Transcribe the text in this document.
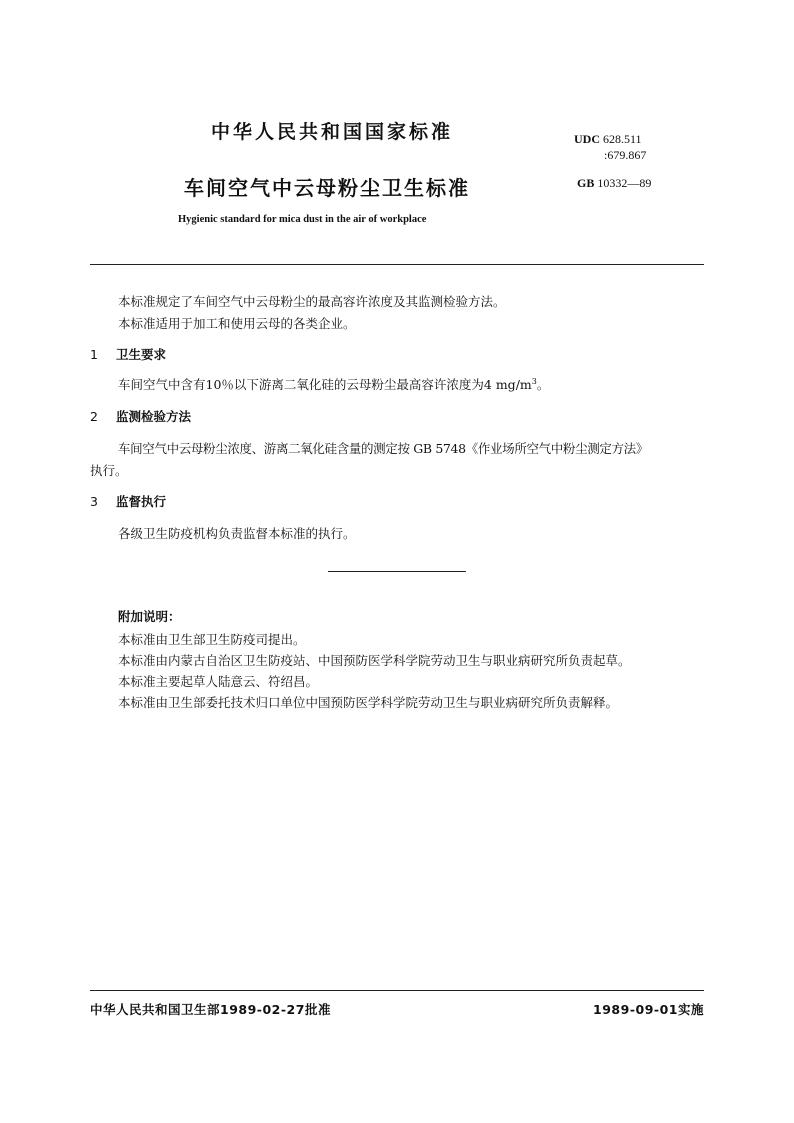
中华人民共和国国家标准	UDC 628.511
:679.867
车间空气中云母粉尘卫生标准	GB 10332—89
Hygienic standard for mica dust in the air of workplace
本标准规定了车间空气中云母粉尘的最高容许浓度及其监测检验方法。
本标准适用于加工和使用云母的各类企业。
1 卫生要求
车间空气中含有10％以下游离二氧化硅的云母粉尘最高容许浓度为4 $mg/m^3$。
2 监测检验方法
车间空气中云母粉尘浓度、游离二氧化硅含量的测定按 GB 5748《作业场所空气中粉尘测定方法》
执行。
3 监督执行
各级卫生防疫机构负责监督本标准的执行。
附加说明：
本标准由卫生部卫生防疫司提出。
本标准由内蒙古自治区卫生防疫站、中国预防医学科学院劳动卫生与职业病研究所负责起草。
本标准主要起草人陆意云、符绍昌。
本标准由卫生部委托技术归口单位中国预防医学科学院劳动卫生与职业病研究所负责解释。
中华人民共和国卫生部1989-02-27批准	1989-09-01实施
